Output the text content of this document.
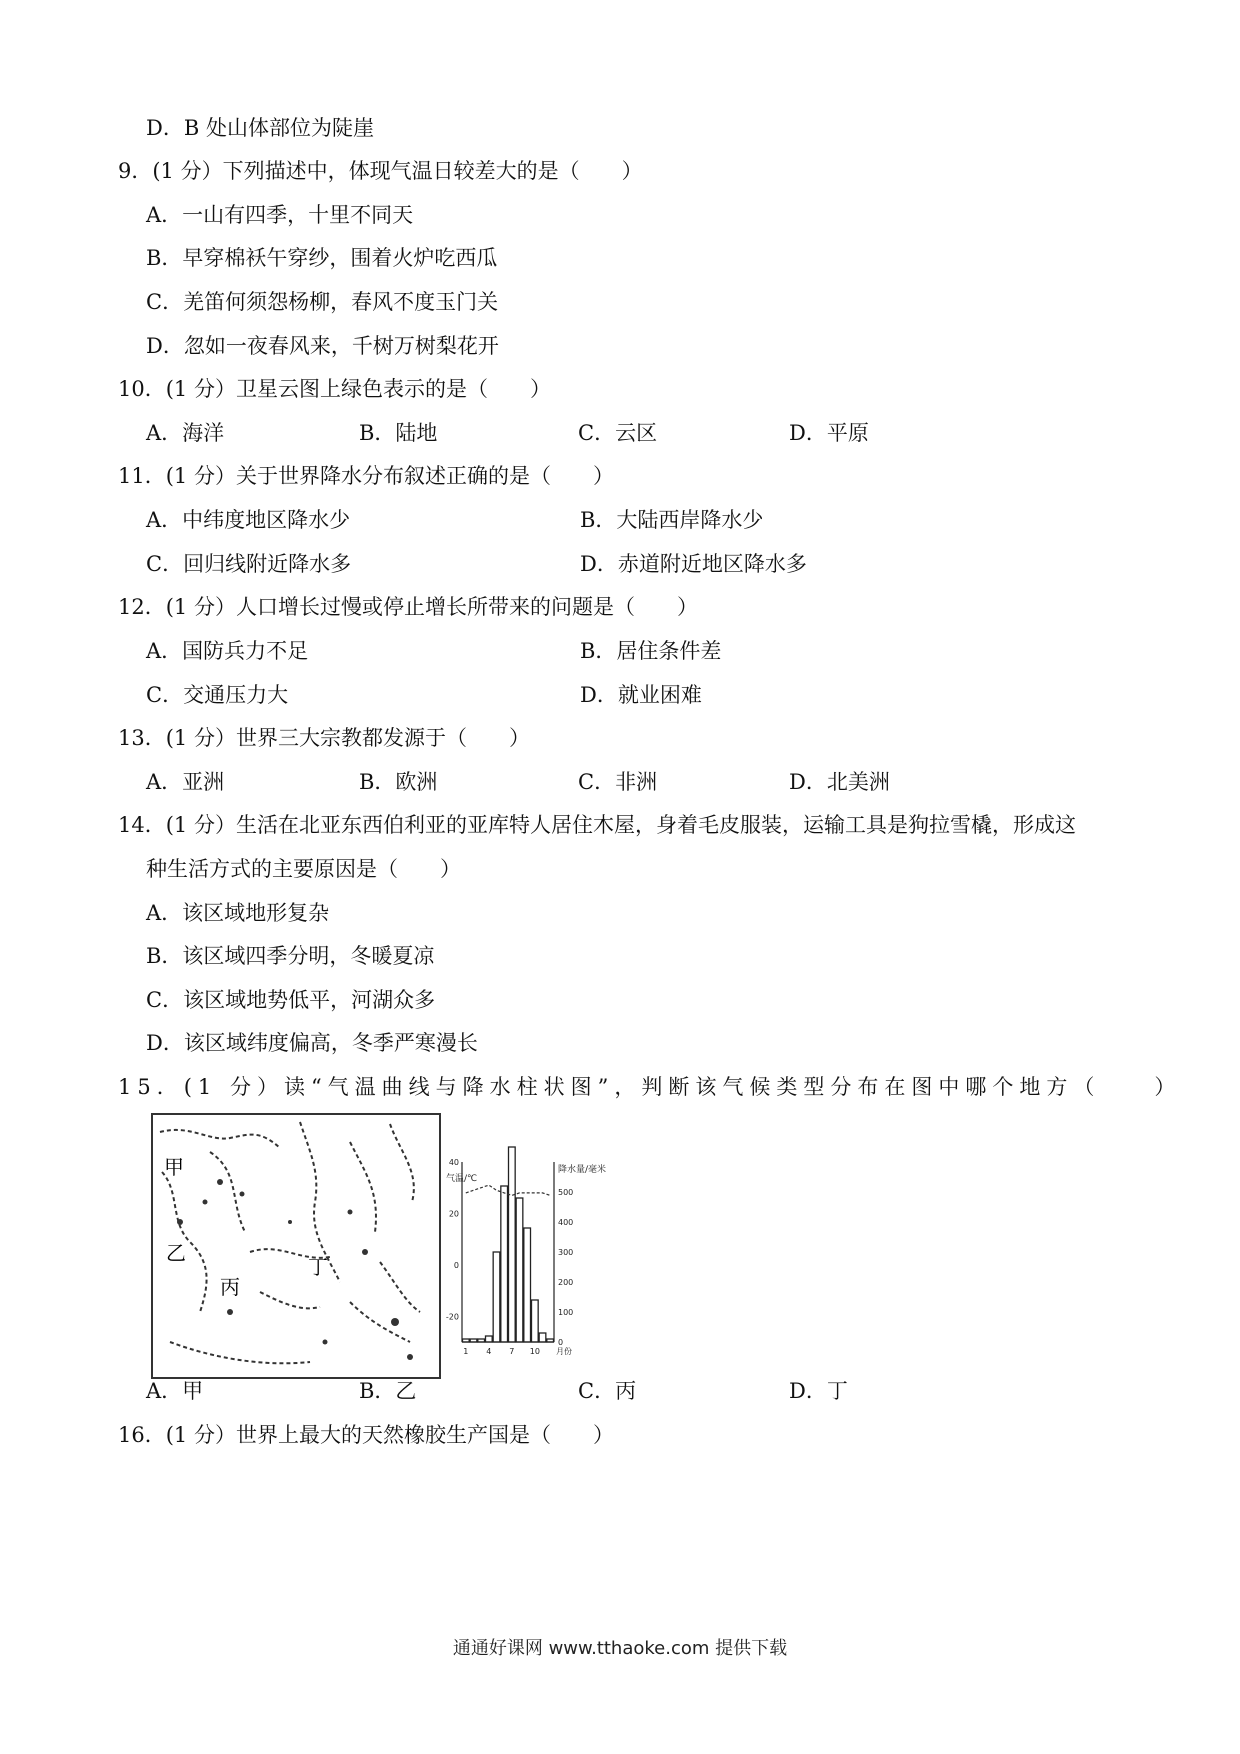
D．B 处山体部位为陡崖
9．(1 分）下列描述中，体现气温日较差大的是（　　）
A．一山有四季，十里不同天
B．早穿棉袄午穿纱，围着火炉吃西瓜
C．羌笛何须怨杨柳，春风不度玉门关
D．忽如一夜春风来，千树万树梨花开
10．(1 分）卫星云图上绿色表示的是（　　）
A．海洋	B．陆地	C．云区	D．平原
11．(1 分）关于世界降水分布叙述正确的是（　　）
A．中纬度地区降水少	B．大陆西岸降水少
C．回归线附近降水多	D．赤道附近地区降水多
12．(1 分）人口增长过慢或停止增长所带来的问题是（　　）
A．国防兵力不足	B．居住条件差
C．交通压力大	D．就业困难
13．(1 分）世界三大宗教都发源于（　　）
A．亚洲	B．欧洲	C．非洲	D．北美洲
14．(1 分）生活在北亚东西伯利亚的亚库特人居住木屋，身着毛皮服装，运输工具是狗拉雪橇，形成这
种生活方式的主要原因是（　　）
A．该区域地形复杂
B．该区域四季分明，冬暖夏凉
C．该区域地势低平，河湖众多
D．该区域纬度偏高，冬季严寒漫长
15．(1 分）读“气温曲线与降水柱状图”，判断该气候类型分布在图中哪个地方（　　）
甲
乙
丙
丁
40
20
0
-20
500
400
300
200
100
0
1 4 7 10 月份
气温/℃
降水量/毫米
A．甲	B．乙	C．丙	D．丁
16．(1 分）世界上最大的天然橡胶生产国是（　　）
通通好课网 www.tthaoke.com 提供下载
